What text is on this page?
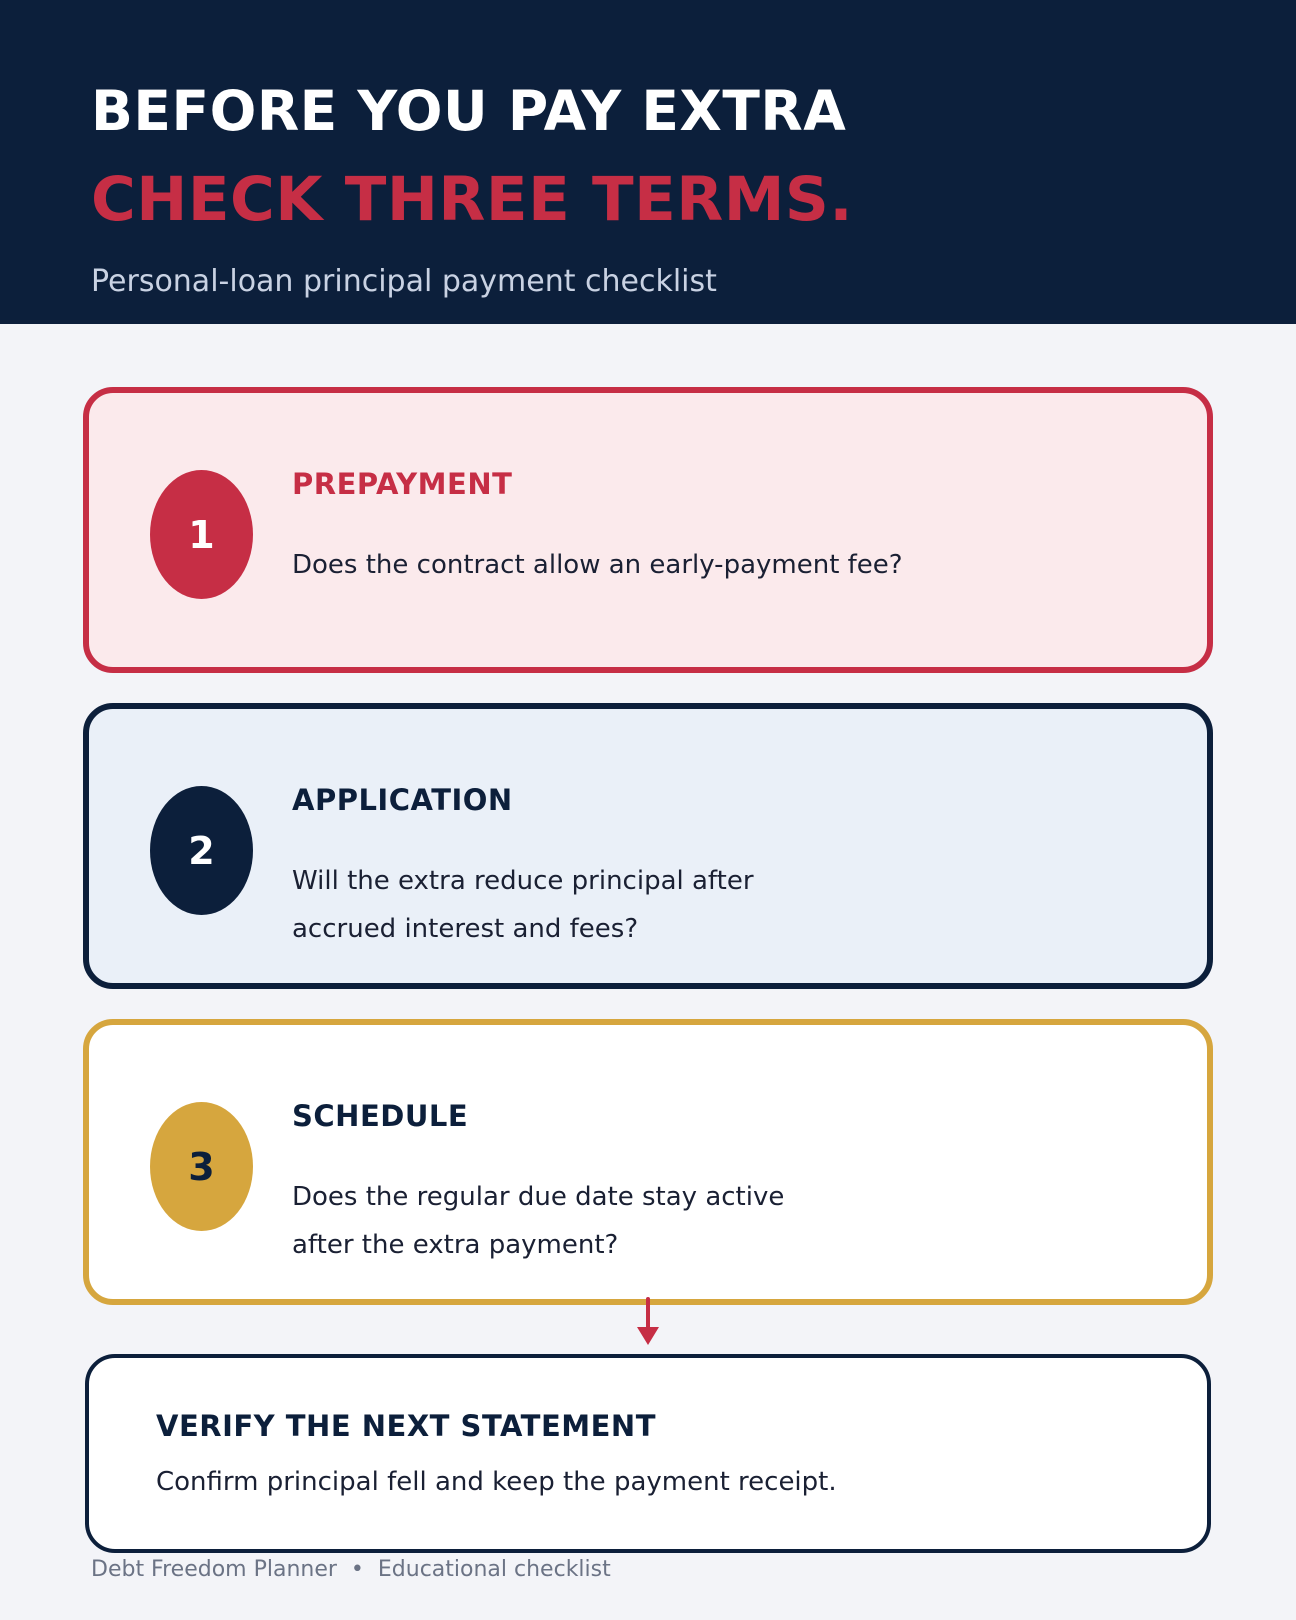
BEFORE YOU PAY EXTRA
CHECK THREE TERMS.
Personal-loan principal payment checklist
1
PREPAYMENT
Does the contract allow an early-payment fee?
2
APPLICATION
Will the extra reduce principal after accrued interest and fees?
3
SCHEDULE
Does the regular due date stay active after the extra payment?
VERIFY THE NEXT STATEMENT
Confirm principal fell and keep the payment receipt.
Debt Freedom Planner • Educational checklist
